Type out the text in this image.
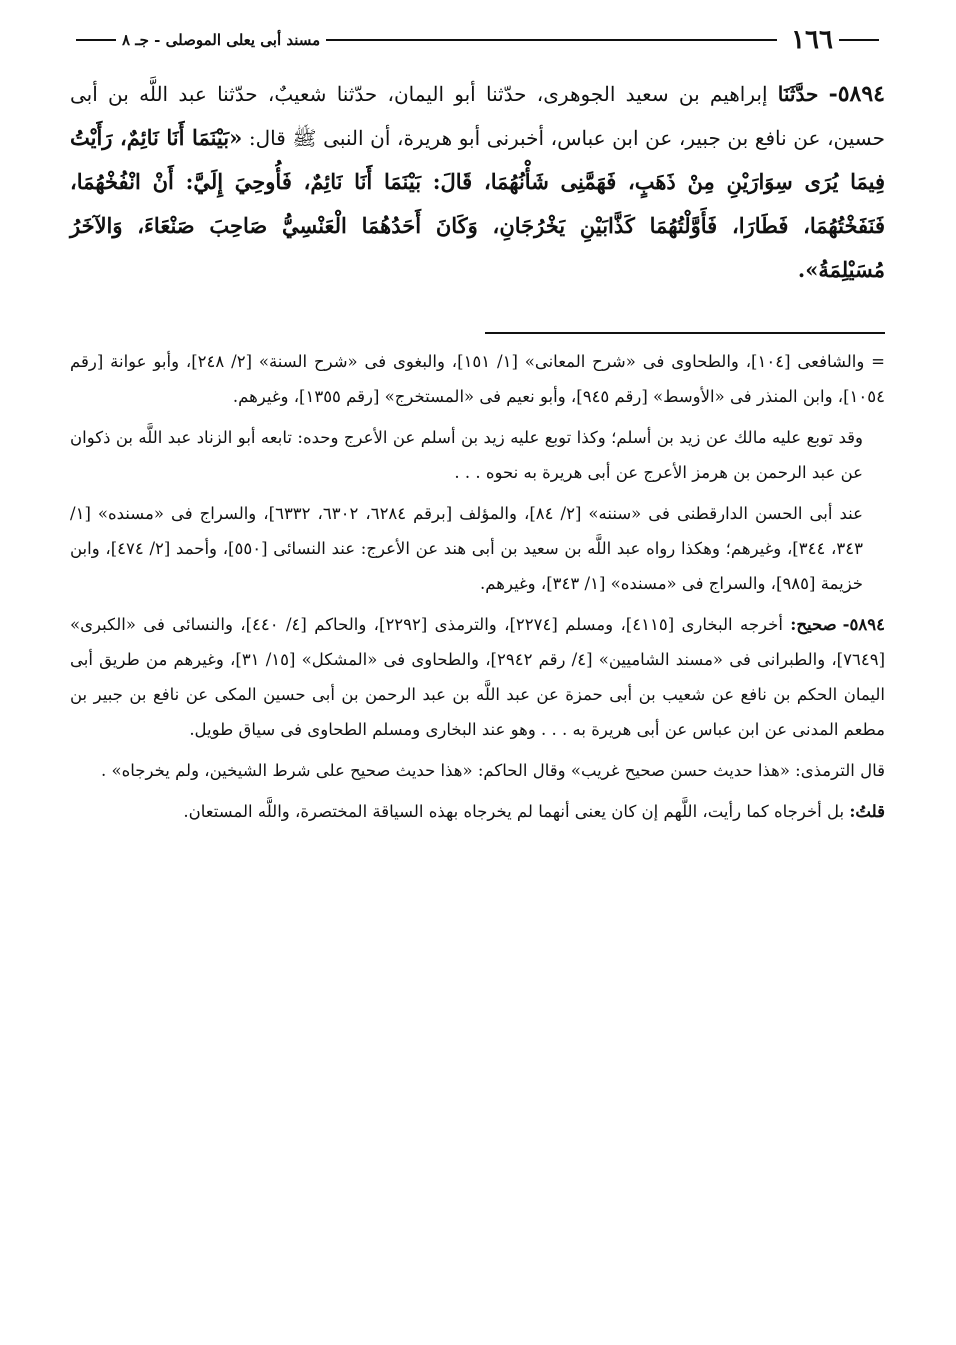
١٦٦
مسند أبى يعلى الموصلى - جـ ٨
٥٨٩٤- حدَّثَنَا إبراهيم بن سعيد الجوهرى، حدّثنا أبو اليمان، حدّثنا شعيبٌ، حدّثنا عبد اللَّه بن أبى حسين، عن نافع بن جبير، عن ابن عباس، أخبرنى أبو هريرة، أن النبى ﷺ قال: «بَيْنَمَا أَنَا نَائِمٌ، رَأَيْتُ فِيمَا يُرَى سِوَارَيْنِ مِنْ ذَهَبٍ، فَهَمَّنِى شَأْنُهُمَا، قَالَ: بَيْنَمَا أَنَا نَائِمٌ، فَأُوحِيَ إِلَيَّ: أَنْ انْفُخْهُمَا، فَنَفَخْتُهُمَا، فَطَارَا، فَأَوَّلْتُهُمَا كَذَّابَيْنِ يَخْرُجَانِ، وَكَانَ أَحَدُهُمَا الْعَنْسِيُّ صَاحِبَ صَنْعَاءَ، وَالآخَرُ مُسَيْلِمَةُ».

= والشافعى [١٠٤]، والطحاوى فى «شرح المعانى» [١/ ١٥١]، والبغوى فى «شرح السنة» [٢/ ٢٤٨]، وأبو عوانة [رقم ١٠٥٤]، وابن المنذر فى «الأوسط» [رقم ٩٤٥]، وأبو نعيم فى «المستخرج» [رقم ١٣٥٥]، وغيرهم.

وقد توبع عليه مالك عن زيد بن أسلم؛ وكذا توبع عليه زيد بن أسلم عن الأعرج وحده: تابعه أبو الزناد عبد اللَّه بن ذكوان عن عبد الرحمن بن هرمز الأعرج عن أبى هريرة به نحوه . . .

عند أبى الحسن الدارقطنى فى «سننه» [٢/ ٨٤]، والمؤلف [برقم ٦٢٨٤، ٦٣٠٢، ٦٣٣٢]، والسراج فى «مسنده» [١/ ٣٤٣، ٣٤٤]، وغيرهم؛ وهكذا رواه عبد اللَّه بن سعيد بن أبى هند عن الأعرج: عند النسائى [٥٥٠]، وأحمد [٢/ ٤٧٤]، وابن خزيمة [٩٨٥]، والسراج فى «مسنده» [١/ ٣٤٣]، وغيرهم.

٥٨٩٤-صحيح: أخرجه البخارى [٤١١٥]، ومسلم [٢٢٧٤]، والترمذى [٢٢٩٢]، والحاكم [٤/ ٤٤٠]، والنسائى فى «الكبرى» [٧٦٤٩]، والطبرانى فى «مسند الشاميين» [٤/ رقم ٢٩٤٢]، والطحاوى فى «المشكل» [١٥/ ٣١]، وغيرهم من طريق أبى اليمان الحكم بن نافع عن شعيب بن أبى حمزة عن عبد اللَّه بن عبد الرحمن بن أبى حسين المكى عن نافع بن جبير بن مطعم المدنى عن ابن عباس عن أبى هريرة به . . . وهو عند البخارى ومسلم الطحاوى فى سياق طويل.

قال الترمذى: «هذا حديث حسن صحيح غريب» وقال الحاكم: «هذا حديث صحيح على شرط الشيخين، ولم يخرجاه» .

قلتُ: بل أخرجاه كما رأيت، اللَّهم إن كان يعنى أنهما لم يخرجاه بهذه السياقة المختصرة، واللَّه المستعان.
